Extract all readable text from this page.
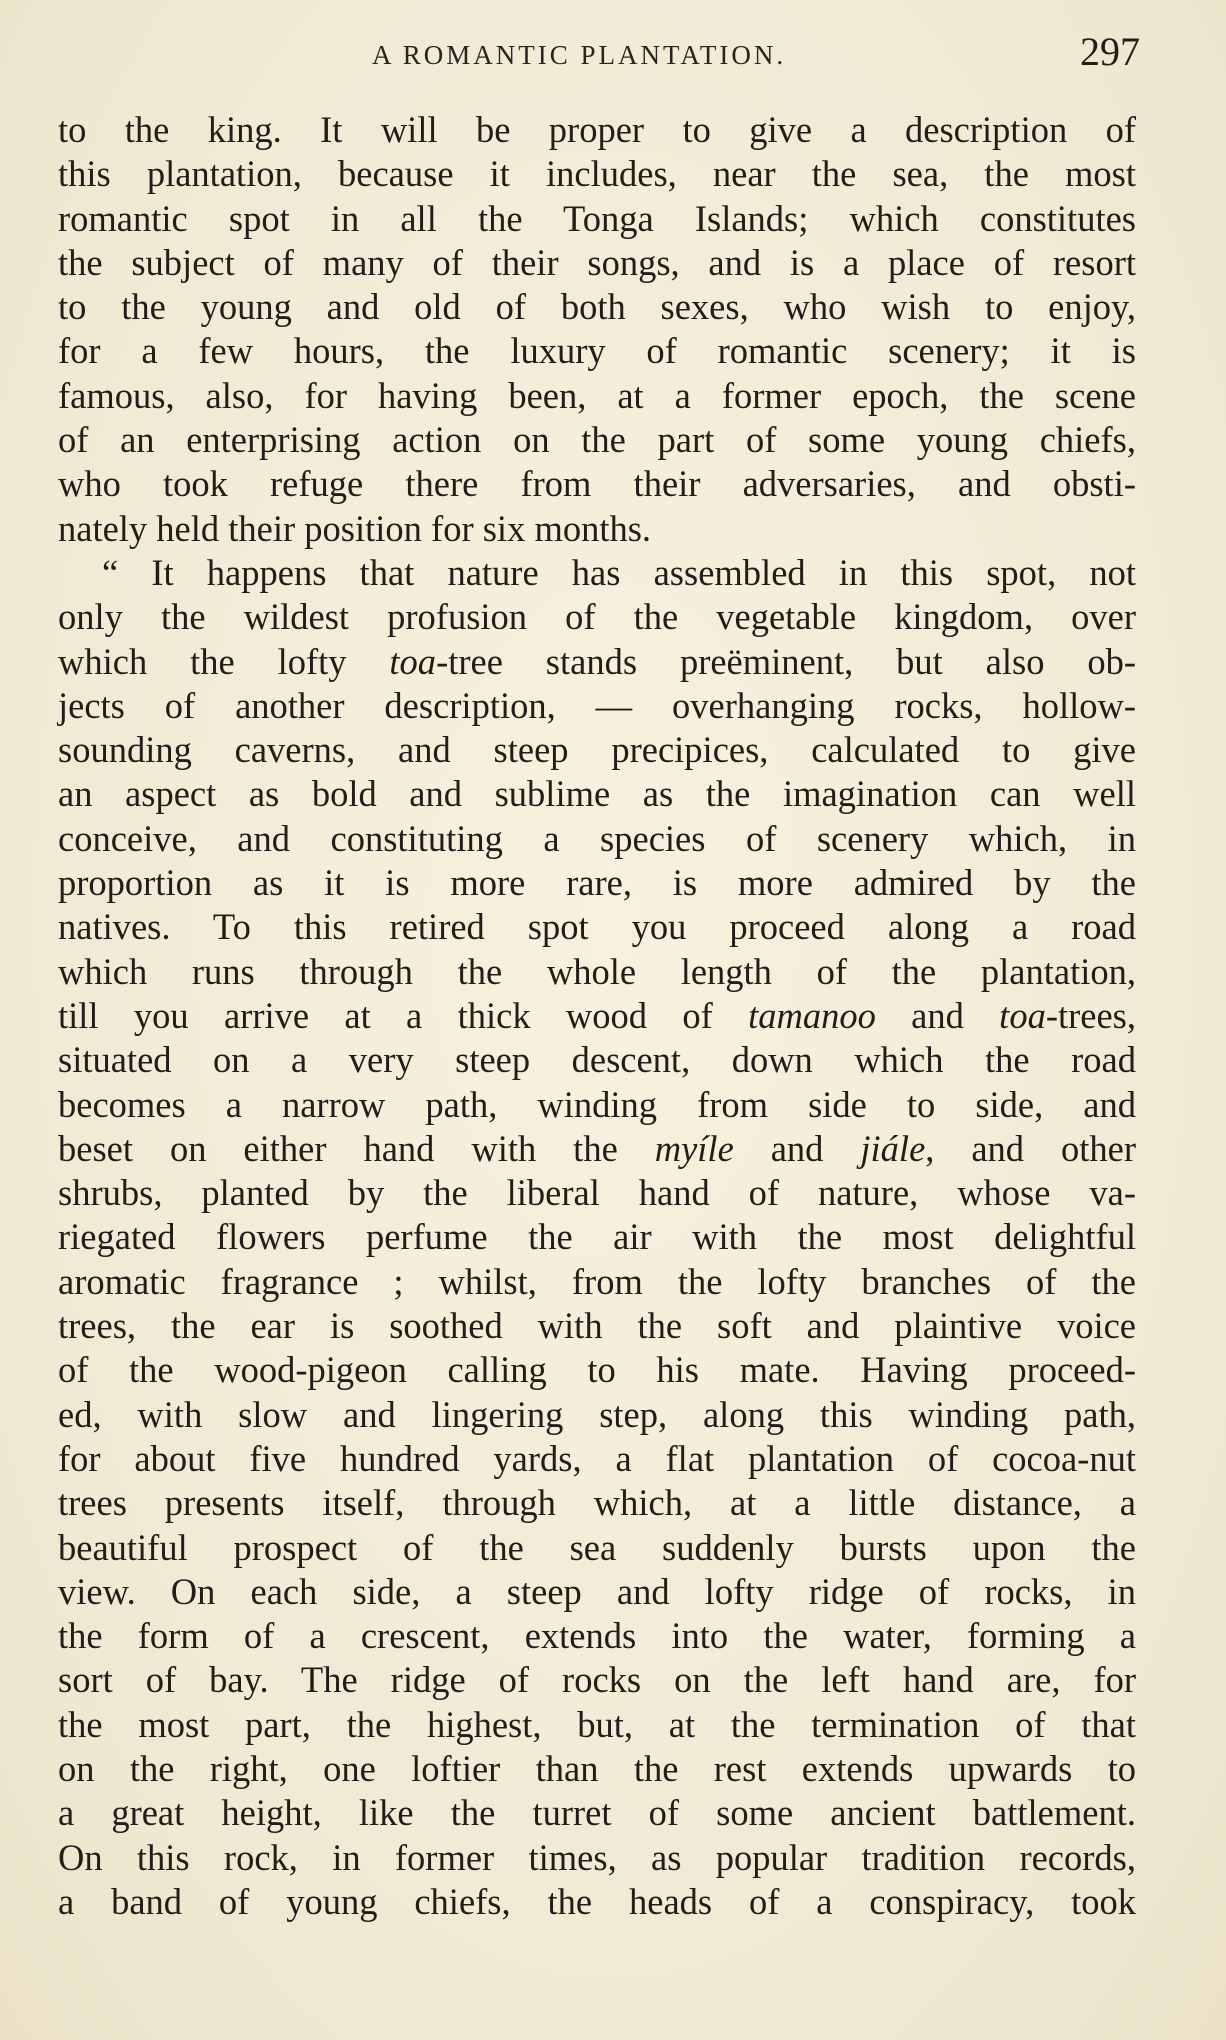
A ROMANTIC PLANTATION.	297
to the king. It will be proper to give a description of
this plantation, because it includes, near the sea, the most
romantic spot in all the Tonga Islands; which constitutes
the subject of many of their songs, and is a place of resort
to the young and old of both sexes, who wish to enjoy,
for a few hours, the luxury of romantic scenery; it is
famous, also, for having been, at a former epoch, the scene
of an enterprising action on the part of some young chiefs,
who took refuge there from their adversaries, and obsti-
nately held their position for six months.
“ It happens that nature has assembled in this spot, not
only the wildest profusion of the vegetable kingdom, over
which the lofty toa-tree stands preëminent, but also ob-
jects of another description, — overhanging rocks, hollow-
sounding caverns, and steep precipices, calculated to give
an aspect as bold and sublime as the imagination can well
conceive, and constituting a species of scenery which, in
proportion as it is more rare, is more admired by the
natives. To this retired spot you proceed along a road
which runs through the whole length of the plantation,
till you arrive at a thick wood of tamanoo and toa-trees,
situated on a very steep descent, down which the road
becomes a narrow path, winding from side to side, and
beset on either hand with the myíle and jiále, and other
shrubs, planted by the liberal hand of nature, whose va-
riegated flowers perfume the air with the most delightful
aromatic fragrance ; whilst, from the lofty branches of the
trees, the ear is soothed with the soft and plaintive voice
of the wood-pigeon calling to his mate. Having proceed-
ed, with slow and lingering step, along this winding path,
for about five hundred yards, a flat plantation of cocoa-nut
trees presents itself, through which, at a little distance, a
beautiful prospect of the sea suddenly bursts upon the
view. On each side, a steep and lofty ridge of rocks, in
the form of a crescent, extends into the water, forming a
sort of bay. The ridge of rocks on the left hand are, for
the most part, the highest, but, at the termination of that
on the right, one loftier than the rest extends upwards to
a great height, like the turret of some ancient battlement.
On this rock, in former times, as popular tradition records,
a band of young chiefs, the heads of a conspiracy, took
